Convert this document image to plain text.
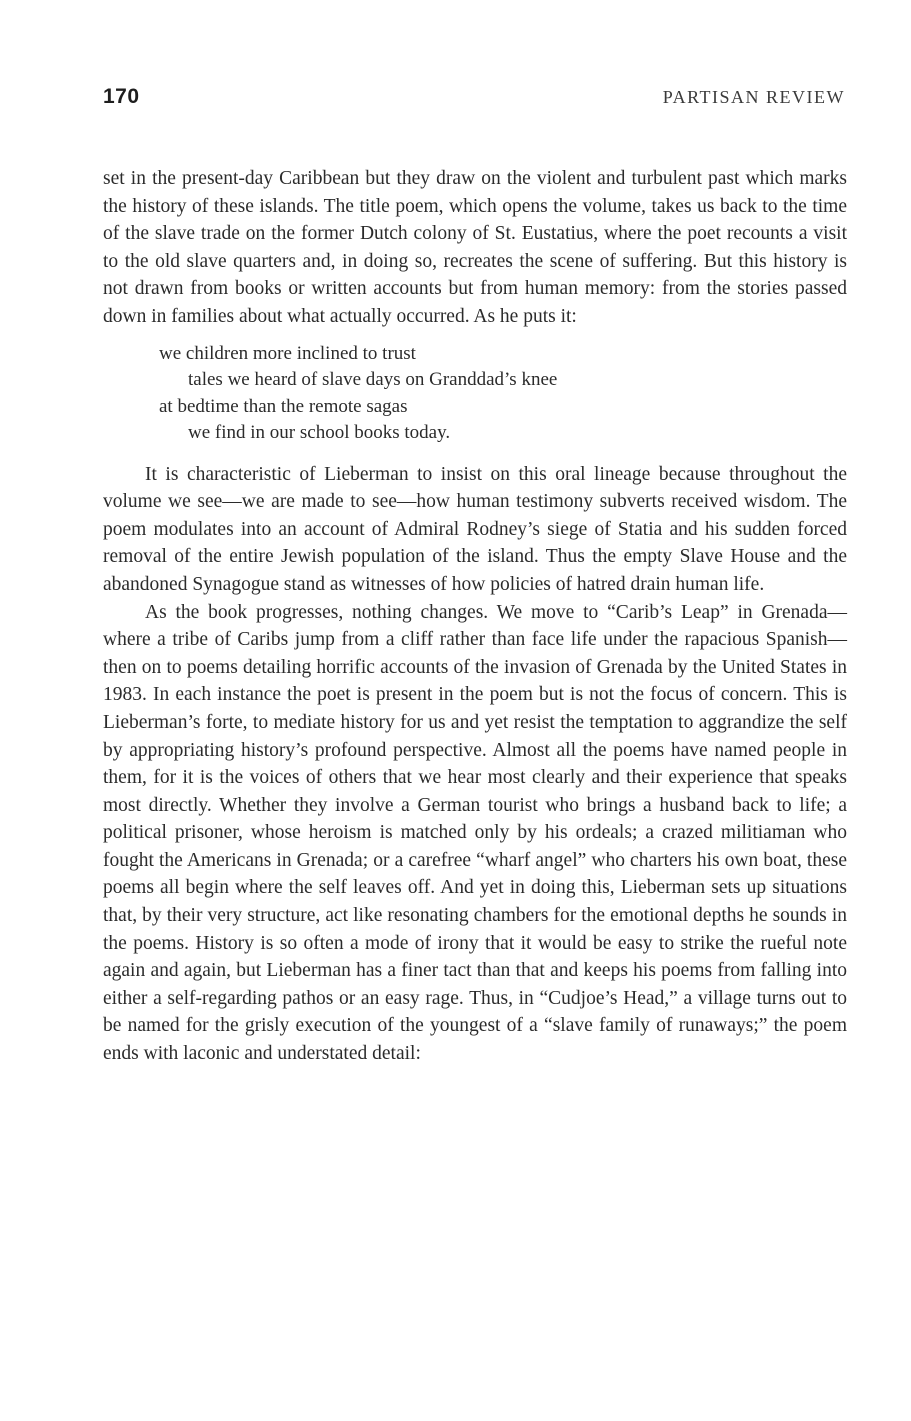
170	PARTISAN REVIEW

set in the present-day Caribbean but they draw on the violent and turbulent past which marks the history of these islands. The title poem, which opens the volume, takes us back to the time of the slave trade on the former Dutch colony of St. Eustatius, where the poet recounts a visit to the old slave quarters and, in doing so, recreates the scene of suffering. But this history is not drawn from books or written accounts but from human memory: from the stories passed down in families about what actually occurred. As he puts it:

we children more inclined to trust
tales we heard of slave days on Granddad’s knee
at bedtime than the remote sagas
we find in our school books today.

It is characteristic of Lieberman to insist on this oral lineage because throughout the volume we see—we are made to see—how human testimony subverts received wisdom. The poem modulates into an account of Admiral Rodney’s siege of Statia and his sudden forced removal of the entire Jewish population of the island. Thus the empty Slave House and the abandoned Synagogue stand as witnesses of how policies of hatred drain human life.

As the book progresses, nothing changes. We move to “Carib’s Leap” in Grenada—where a tribe of Caribs jump from a cliff rather than face life under the rapacious Spanish—then on to poems detailing horrific accounts of the invasion of Grenada by the United States in 1983. In each instance the poet is present in the poem but is not the focus of concern. This is Lieberman’s forte, to mediate history for us and yet resist the temptation to aggrandize the self by appropriating history’s profound perspective. Almost all the poems have named people in them, for it is the voices of others that we hear most clearly and their experience that speaks most directly. Whether they involve a German tourist who brings a husband back to life; a political prisoner, whose heroism is matched only by his ordeals; a crazed militiaman who fought the Americans in Grenada; or a carefree “wharf angel” who charters his own boat, these poems all begin where the self leaves off. And yet in doing this, Lieberman sets up situations that, by their very structure, act like resonating chambers for the emotional depths he sounds in the poems. History is so often a mode of irony that it would be easy to strike the rueful note again and again, but Lieberman has a finer tact than that and keeps his poems from falling into either a self-regarding pathos or an easy rage. Thus, in “Cudjoe’s Head,” a village turns out to be named for the grisly execution of the youngest of a “slave family of runaways;” the poem ends with laconic and understated detail:
